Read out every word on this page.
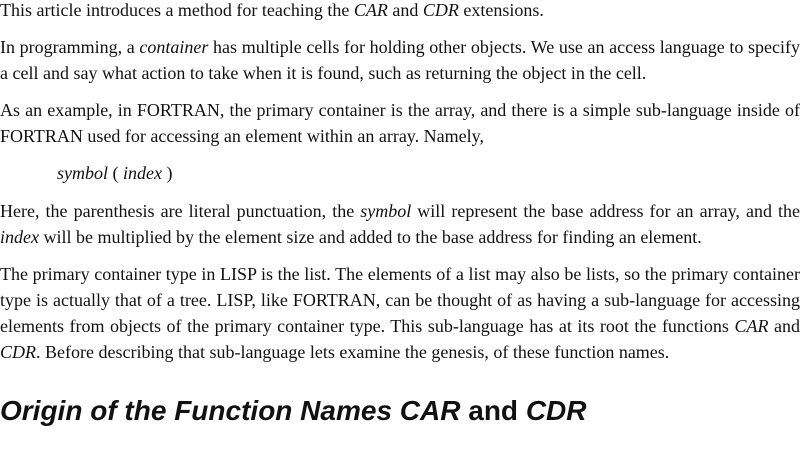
This article introduces a method for teaching the CAR and CDR extensions.

In programming, a container has multiple cells for holding other objects. We use an access language to specify a cell and say what action to take when it is found, such as returning the object in the cell.

As an example, in FORTRAN, the primary container is the array, and there is a simple sub-language inside of FORTRAN used for accessing an element within an array. Namely,

symbol ( index )

Here, the parenthesis are literal punctuation, the symbol will represent the base address for an array, and the index will be multiplied by the element size and added to the base address for finding an element.

The primary container type in LISP is the list. The elements of a list may also be lists, so the primary container type is actually that of a tree. LISP, like FORTRAN, can be thought of as having a sub-language for accessing elements from objects of the primary container type. This sub-language has at its root the functions CAR and CDR. Before describing that sub-language lets examine the genesis, of these function names.

Origin of the Function Names CAR and CDR
